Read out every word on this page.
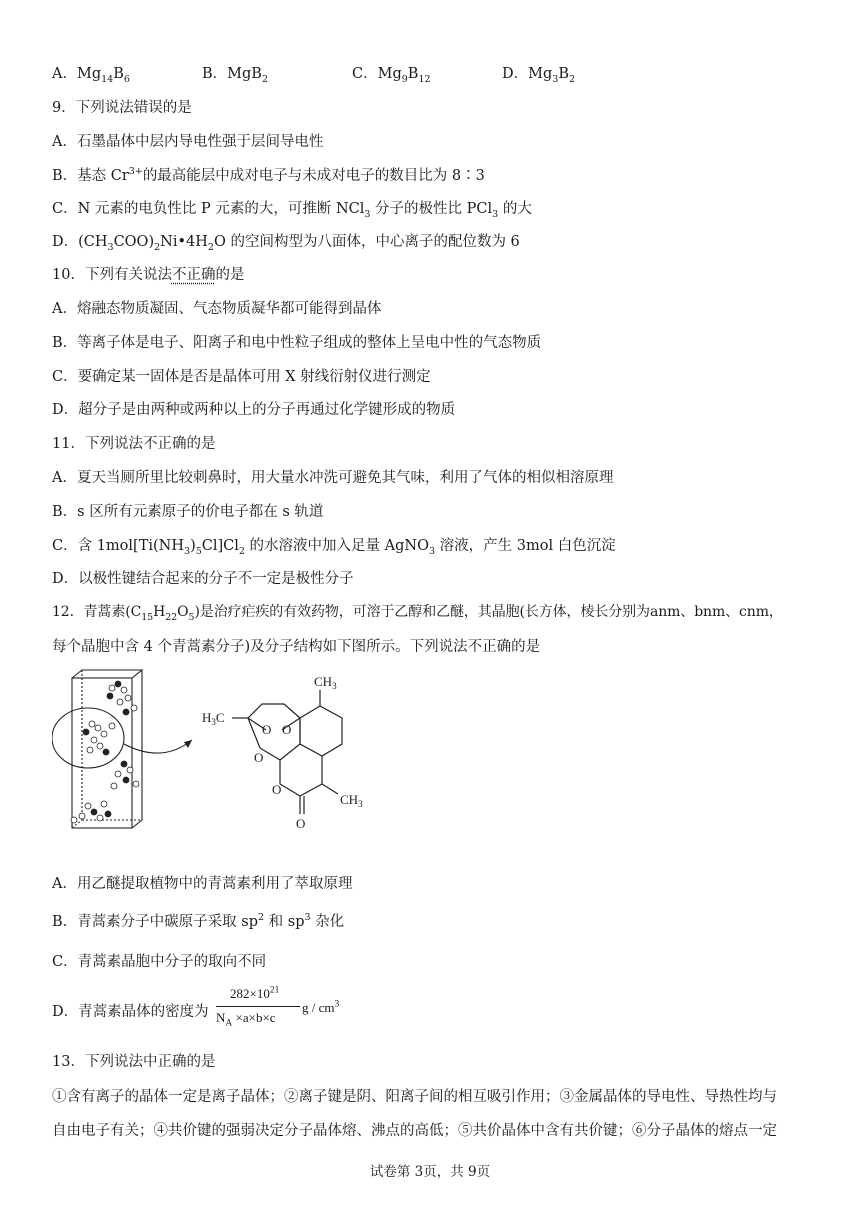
A．$Mg_{14}B_6$	B．MgB$_2$	C．$Mg_9B_{12}$	D．$Mg_3B_2$
9．下列说法错误的是
A．石墨晶体中层内导电性强于层间导电性
B．基态 $Cr^{3+}$的最高能层中成对电子与未成对电子的数目比为 8∶3
C．N 元素的电负性比 P 元素的大，可推断 NCl$_3$ 分子的极性比 PCl$_3$ 的大
D．$(CH_3COO)_2Ni•4H_2O$ 的空间构型为八面体，中心离子的配位数为 6
10．下列有关说法不正确的是
A．熔融态物质凝固、气态物质凝华都可能得到晶体
B．等离子体是电子、阳离子和电中性粒子组成的整体上呈电中性的气态物质
C．要确定某一固体是否是晶体可用 X 射线衍射仪进行测定
D．超分子是由两种或两种以上的分子再通过化学键形成的物质
11．下列说法不正确的是
A．夏天当厕所里比较刺鼻时，用大量水冲洗可避免其气味，利用了气体的相似相溶原理
B．s 区所有元素原子的价电子都在 s 轨道
C．含 $1mol[Ti(NH_3)_5Cl]Cl_2$ 的水溶液中加入足量 AgNO$_3$ 溶液，产生 3mol 白色沉淀
D．以极性键结合起来的分子不一定是极性分子
12．青蒿素$(C_{15}H_{22}O_5)$是治疗疟疾的有效药物，可溶于乙醇和乙醚，其晶胞(长方体，棱长分别为anm、bnm、cnm，
每个晶胞中含 4 个青蒿素分子)及分子结构如下图所示。下列说法不正确的是
$CH_3$
$H_3C$
$CH_3$
O O
O
O
O
A．用乙醚提取植物中的青蒿素利用了萃取原理
B．青蒿素分子中碳原子采取 $sp^2$ 和 $sp^3$ 杂化
C．青蒿素晶胞中分子的取向不同
D．青蒿素晶体的密度为
$282\times 10^{21}$
$N_A \times a\times b\times c$
g / $cm^3$
13．下列说法中正确的是
①含有离子的晶体一定是离子晶体；②离子键是阴、阳离子间的相互吸引作用；③金属晶体的导电性、导热性均与
自由电子有关；④共价键的强弱决定分子晶体熔、沸点的高低；⑤共价晶体中含有共价键；⑥分子晶体的熔点一定
试卷第 3页，共 9页
